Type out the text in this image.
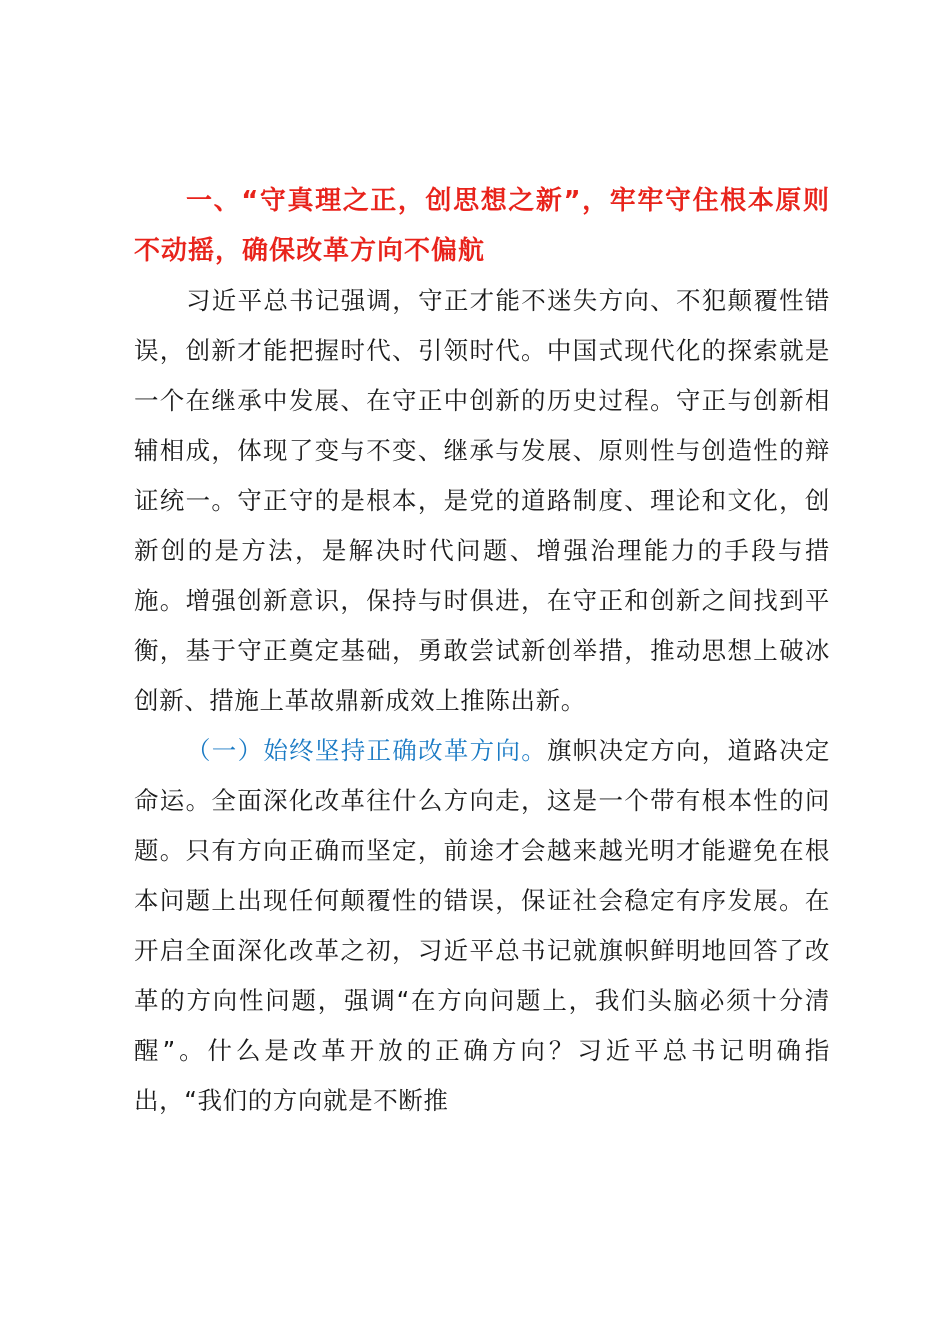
一、“守真理之正，创思想之新”，牢牢守住根本原则不动摇，确保改革方向不偏航

习近平总书记强调，守正才能不迷失方向、不犯颠覆性错误，创新才能把握时代、引领时代。中国式现代化的探索就是一个在继承中发展、在守正中创新的历史过程。守正与创新相辅相成，体现了变与不变、继承与发展、原则性与创造性的辩证统一。守正守的是根本，是党的道路制度、理论和文化，创新创的是方法，是解决时代问题、增强治理能力的手段与措施。增强创新意识，保持与时俱进，在守正和创新之间找到平衡，基于守正奠定基础，勇敢尝试新创举措，推动思想上破冰创新、措施上革故鼎新成效上推陈出新。

（一）始终坚持正确改革方向。旗帜决定方向，道路决定命运。全面深化改革往什么方向走，这是一个带有根本性的问题。只有方向正确而坚定，前途才会越来越光明才能避免在根本问题上出现任何颠覆性的错误，保证社会稳定有序发展。在开启全面深化改革之初，习近平总书记就旗帜鲜明地回答了改革的方向性问题，强调“在方向问题上，我们头脑必须十分清醒”。什么是改革开放的正确方向？习近平总书记明确指出，“我们的方向就是不断推
